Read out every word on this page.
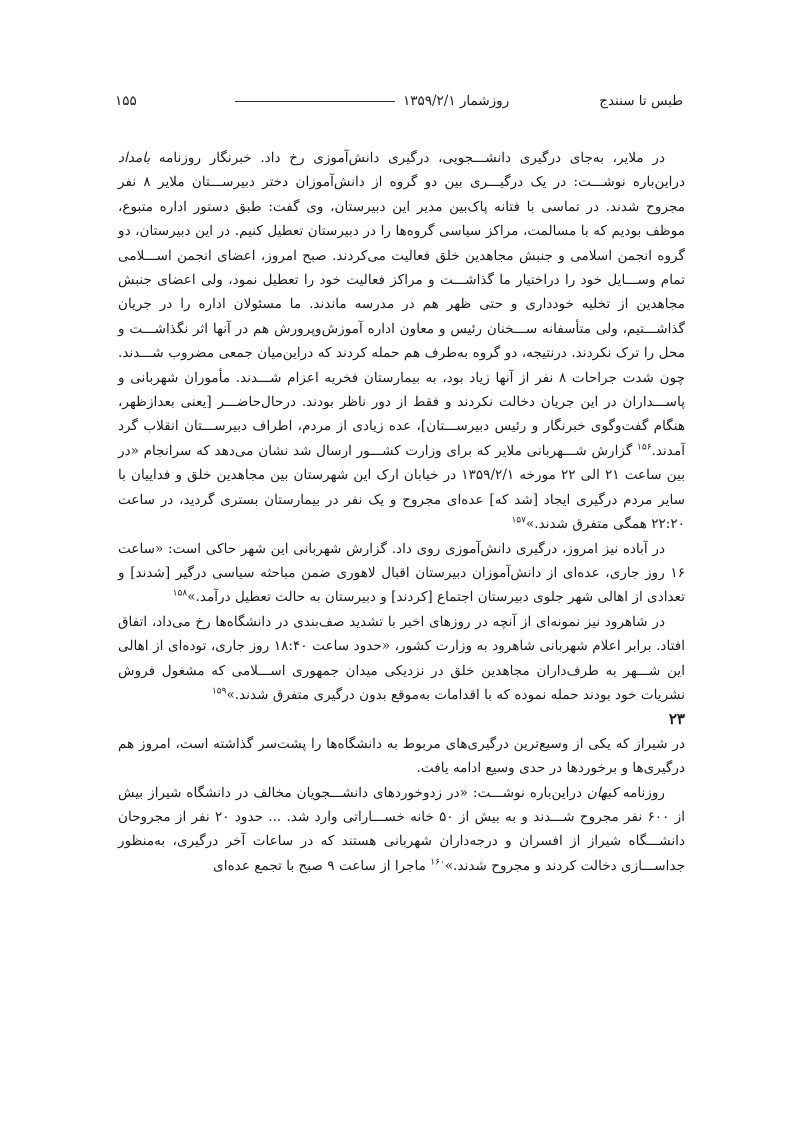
طبس تا سنندج
روزشمار ۱۳۵۹/۲/۱
۱۵۵

در ملایر، به‌جای درگیری دانشـــجویی، درگیری دانش‌آموزی رخ داد. خبرنگار روزنامه بامداد دراین‌باره نوشـــت: در یک درگیـــری بین دو گروه از دانش‌آموزان دختر دبیرســـتان ملایر ۸ نفر مجروح شدند. در تماسی با فتانه پاک‌بین مدیر این دبیرستان، وی گفت: طبق دستور اداره متبوع، موظف بودیم که با مسالمت، مراکز سیاسی گروه‌ها را در دبیرستان تعطیل کنیم. در این دبیرستان، دو گروه انجمن اسلامی و جنبش مجاهدین خلق فعالیت می‌کردند. صبح امروز، اعضای انجمن اســـلامی تمام وســـایل خود را دراختیار ما گذاشـــت و مراکز فعالیت خود را تعطیل نمود، ولی اعضای جنبش مجاهدین از تخلیه خودداری و حتی ظهر هم در مدرسه ماندند. ما مسئولان اداره را در جریان گذاشـــتیم، ولی متأسفانه ســـخنان رئیس و معاون اداره آموزش‌وپرورش هم در آنها اثر نگذاشـــت و محل را ترک نکردند. درنتیجه، دو گروه به‌طرف هم حمله کردند که دراین‌میان جمعی مضروب شـــدند. چون شدت جراحات ۸ نفر از آنها زیاد بود، به بیمارستان فخریه اعزام شـــدند. مأموران شهربانی و پاســـداران در این جریان دخالت نکردند و فقط از دور ناظر بودند. درحال‌حاضـــر [یعنی بعدازظهر، هنگام گفت‌وگوی خبرنگار و رئیس دبیرســـتان]، عده زیادی از مردم، اطراف دبیرســـتان انقلاب گرد آمدند.$^{۱۵۶}$ گزارش شـــهربانی ملایر که برای وزارت کشـــور ارسال شد نشان می‌دهد که سرانجام «در بین ساعت ۲۱ الی ۲۲ مورخه ۱۳۵۹/۲/۱ در خیابان ارک این شهرستان بین مجاهدین خلق و فداییان با سایر مردم درگیری ایجاد [شد که] عده‌ای مجروح و یک نفر در بیمارستان بستری گردید، در ساعت ۲۲:۲۰ همگی متفرق شدند.»$^{۱۵۷}$

در آباده نیز امروز، درگیری دانش‌آموزی روی داد. گزارش شهربانی این شهر حاکی است: «ساعت ۱۶ روز جاری، عده‌ای از دانش‌آموزان دبیرستان اقبال لاهوری ضمن مباحثه سیاسی درگیر [شدند] و تعدادی از اهالی شهر جلوی دبیرستان اجتماع [کردند] و دبیرستان به حالت تعطیل درآمد.»$^{۱۵۸}$

در شاهرود نیز نمونه‌ای از آنچه در روزهای اخیر با تشدید صف‌بندی در دانشگاه‌ها رخ می‌داد، اتفاق افتاد. برابر اعلام شهربانی شاهرود به وزارت کشور، «حدود ساعت ۱۸:۴۰ روز جاری، توده‌ای از اهالی این شـــهر به طرف‌داران مجاهدین خلق در نزدیکی میدان جمهوری اســـلامی که مشغول فروش نشریات خود بودند حمله نموده که با اقدامات به‌موقع بدون درگیری متفرق شدند.»$^{۱۵۹}$

۲۳

در شیراز که یکی از وسیع‌ترین درگیری‌های مربوط به دانشگاه‌ها را پشت‌سر گذاشته است، امروز هم درگیری‌ها و برخوردها در حدی وسیع ادامه یافت.

روزنامه کیهان دراین‌باره نوشـــت: «در زدوخوردهای دانشـــجویان مخالف در دانشگاه شیراز بیش از ۶۰۰ نفر مجروح شـــدند و به بیش از ۵۰ خانه خســـاراتی وارد شد. ... حدود ۲۰ نفر از مجروحان دانشـــگاه شیراز از افسران و درجه‌داران شهربانی هستند که در ساعات آخر درگیری، به‌منظور جداســـازی دخالت کردند و مجروح شدند.»$^{۱۶۰}$ ماجرا از ساعت ۹ صبح با تجمع عده‌ای
